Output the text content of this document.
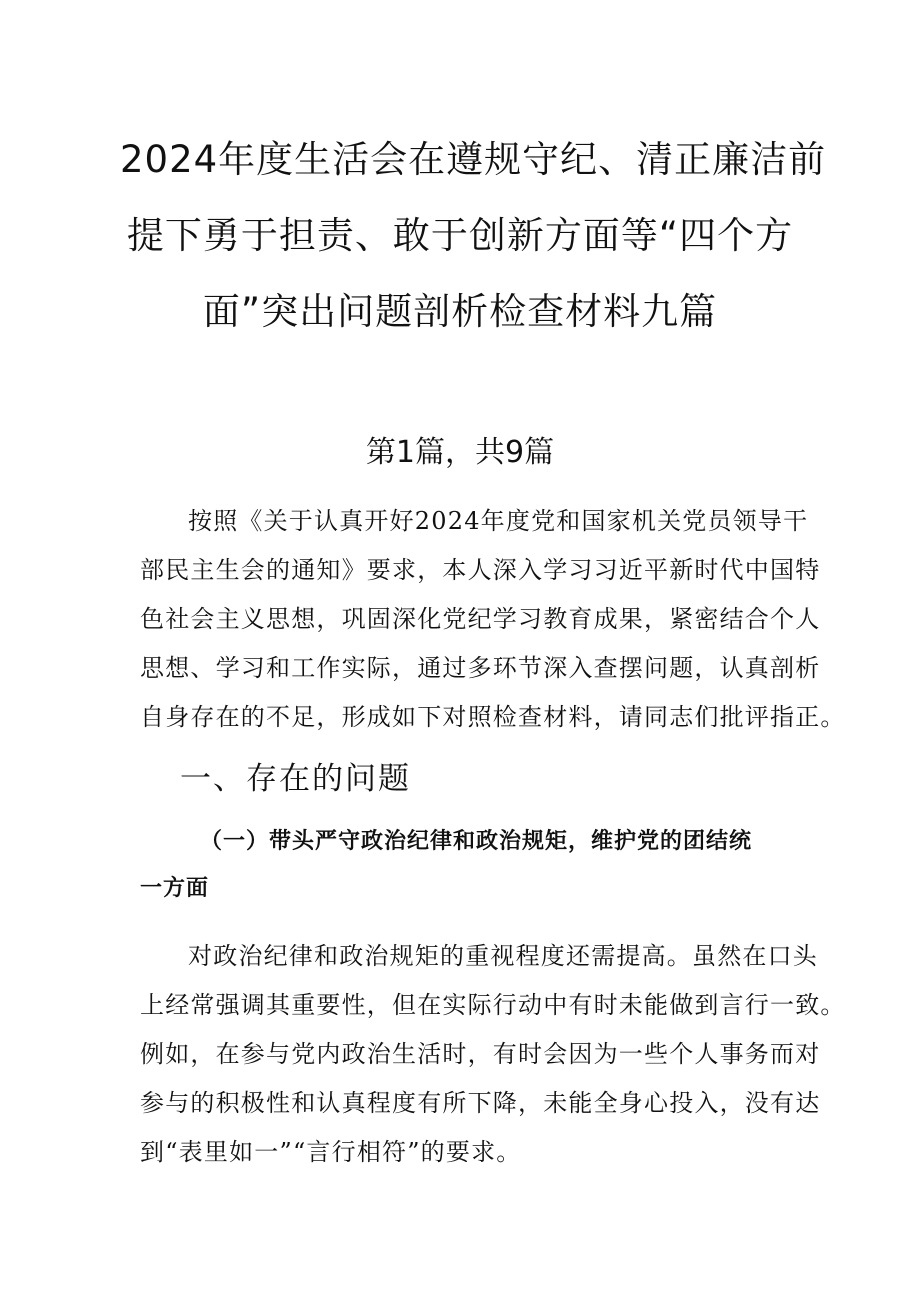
2024年度生活会在遵规守纪、清正廉洁前
提下勇于担责、敢于创新方面等“四个方
面”突出问题剖析检查材料九篇

第1篇，共9篇

按照《关于认真开好2024年度党和国家机关党员领导干
部民主生会的通知》要求，本人深入学习习近平新时代中国特
色社会主义思想，巩固深化党纪学习教育成果，紧密结合个人
思想、学习和工作实际，通过多环节深入查摆问题，认真剖析
自身存在的不足，形成如下对照检查材料，请同志们批评指正。

一、存在的问题
（一）带头严守政治纪律和政治规矩，维护党的团结统
一方面

对政治纪律和政治规矩的重视程度还需提高。虽然在口头
上经常强调其重要性，但在实际行动中有时未能做到言行一致。
例如，在参与党内政治生活时，有时会因为一些个人事务而对
参与的积极性和认真程度有所下降，未能全身心投入，没有达
到“表里如一”“言行相符”的要求。
